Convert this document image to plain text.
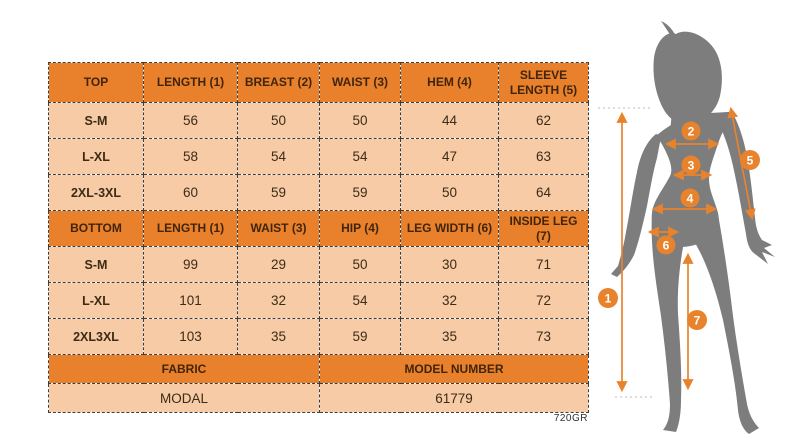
TOP	LENGTH (1)	BREAST (2)	WAIST (3)	HEM (4)	SLEEVE LENGTH (5)
S-M	56	50	50	44	62
L-XL	58	54	54	47	63
2XL-3XL	60	59	59	50	64
BOTTOM	LENGTH (1)	WAIST (3)	HIP (4)	LEG WIDTH (6)	INSIDE LEG (7)
S-M	99	29	50	30	71
L-XL	101	32	54	32	72
2XL3XL	103	35	59	35	73
FABRIC			MODEL NUMBER		
MODAL			61779		
720GR
1
2
3
4
5
6
7
